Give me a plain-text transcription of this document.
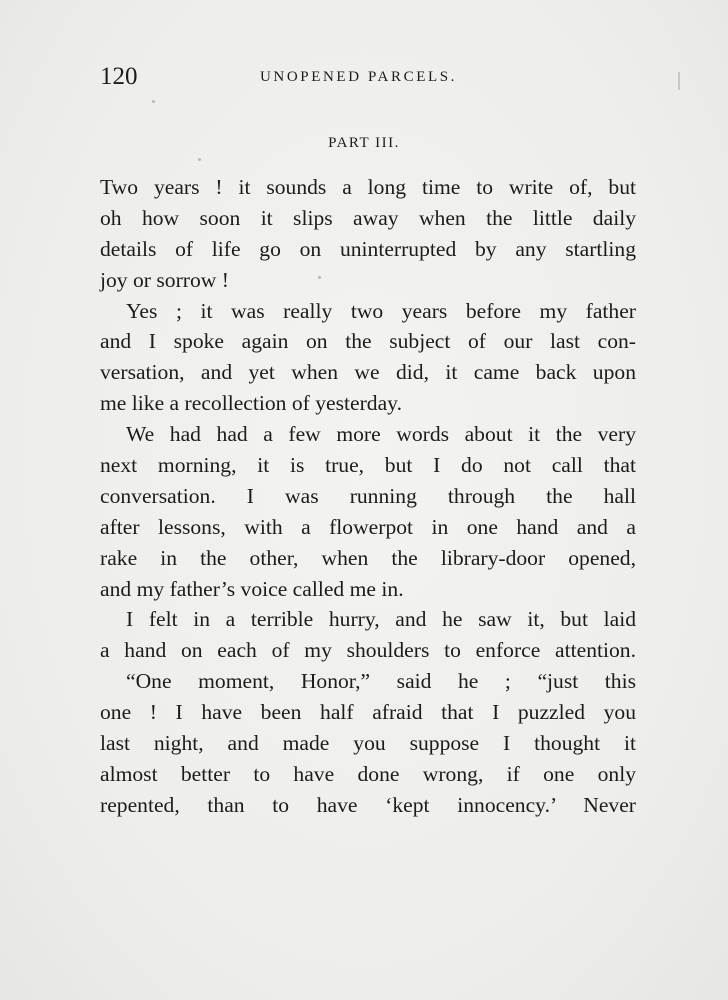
120	UNOPENED PARCELS.
PART III.
Two years ! it sounds a long time to write of, but
oh how soon it slips away when the little daily
details of life go on uninterrupted by any startling
joy or sorrow !
Yes ; it was really two years before my father
and I spoke again on the subject of our last con-
versation, and yet when we did, it came back upon
me like a recollection of yesterday.
We had had a few more words about it the very
next morning, it is true, but I do not call that
conversation. I was running through the hall
after lessons, with a flowerpot in one hand and a
rake in the other, when the library-door opened,
and my father’s voice called me in.
I felt in a terrible hurry, and he saw it, but laid
a hand on each of my shoulders to enforce attention.
“One moment, Honor,” said he ; “just this
one ! I have been half afraid that I puzzled you
last night, and made you suppose I thought it
almost better to have done wrong, if one only
repented, than to have ‘kept innocency.’ Never
